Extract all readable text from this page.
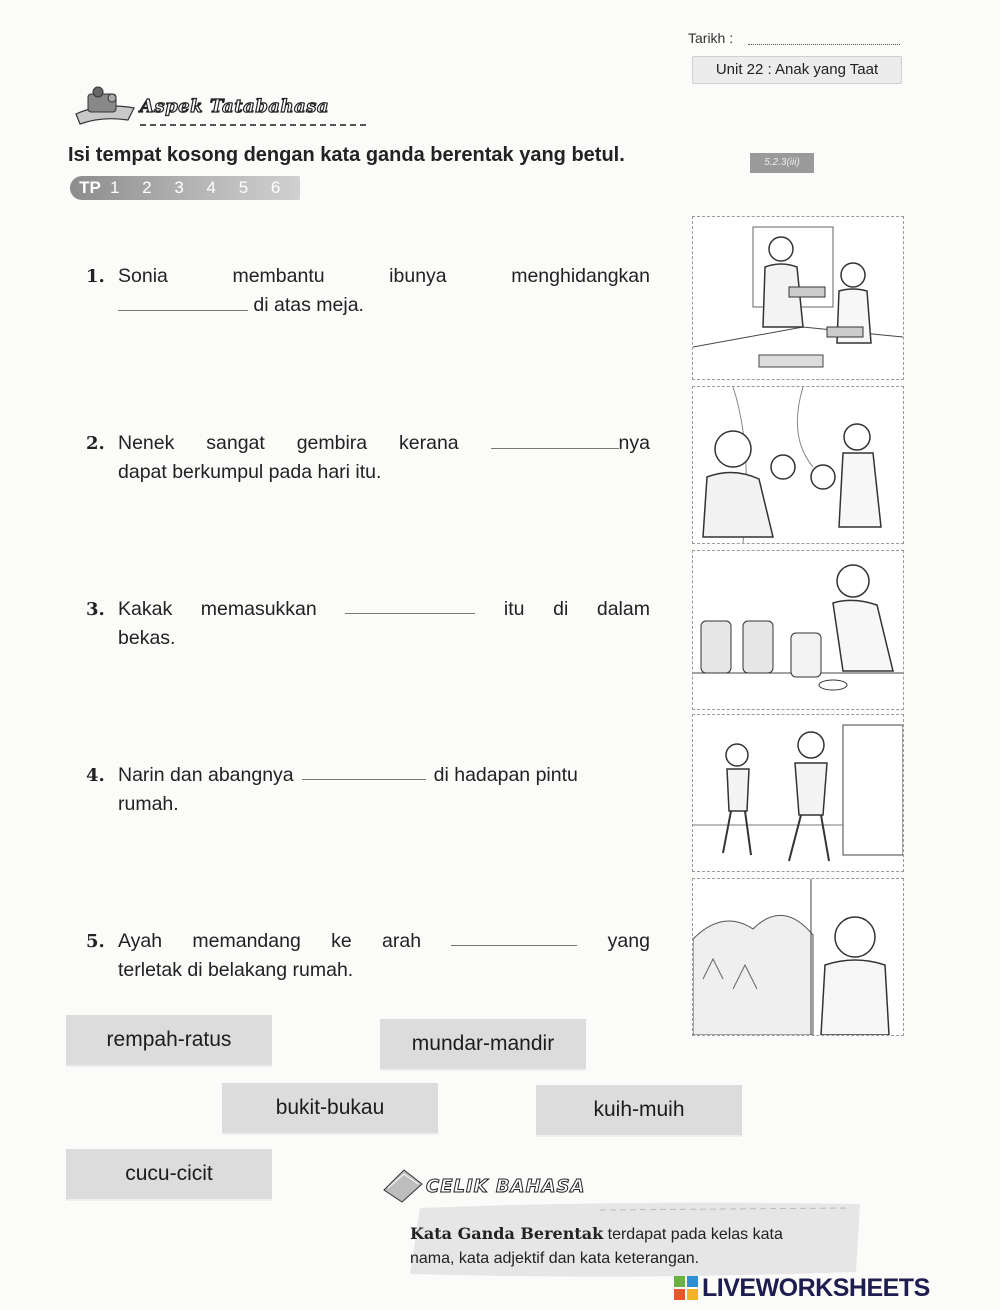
Tarikh :
Unit 22 : Anak yang Taat
Aspek Tatabahasa
Isi tempat kosong dengan kata ganda berentak yang betul.	5.2.3(iii)
TP 1 2 3 4 5 6
1. Sonia	membantu	ibunya	menghidangkan
di atas meja.
2. Nenek sangat gembira kerana	nya
dapat berkumpul pada hari itu.
3. Kakak memasukkan	itu di dalam
bekas.
4. Narin dan abangnya	di hadapan pintu
rumah.
5. Ayah memandang ke arah	yang
terletak di belakang rumah.
rempah-ratus	mundar-mandir
bukit-bukau	kuih-muih
cucu-cicit
CELIK BAHASA
Kata Ganda Berentak terdapat pada kelas kata
nama, kata adjektif dan kata keterangan.
LIVEWORKSHEETS
